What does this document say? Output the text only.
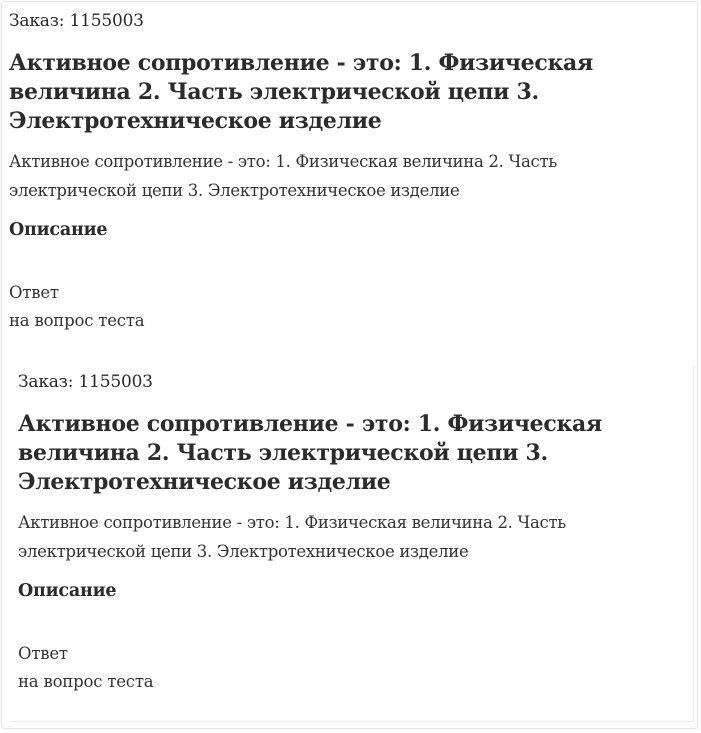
Заказ: 1155003

Активное сопротивление - это: 1. Физическая величина 2. Часть электрической цепи 3. Электротехническое изделие

Активное сопротивление - это: 1. Физическая величина 2. Часть электрической цепи 3. Электротехническое изделие

Описание

Ответ
на вопрос теста

Заказ: 1155003

Активное сопротивление - это: 1. Физическая величина 2. Часть электрической цепи 3. Электротехническое изделие

Активное сопротивление - это: 1. Физическая величина 2. Часть электрической цепи 3. Электротехническое изделие

Описание

Ответ
на вопрос теста
